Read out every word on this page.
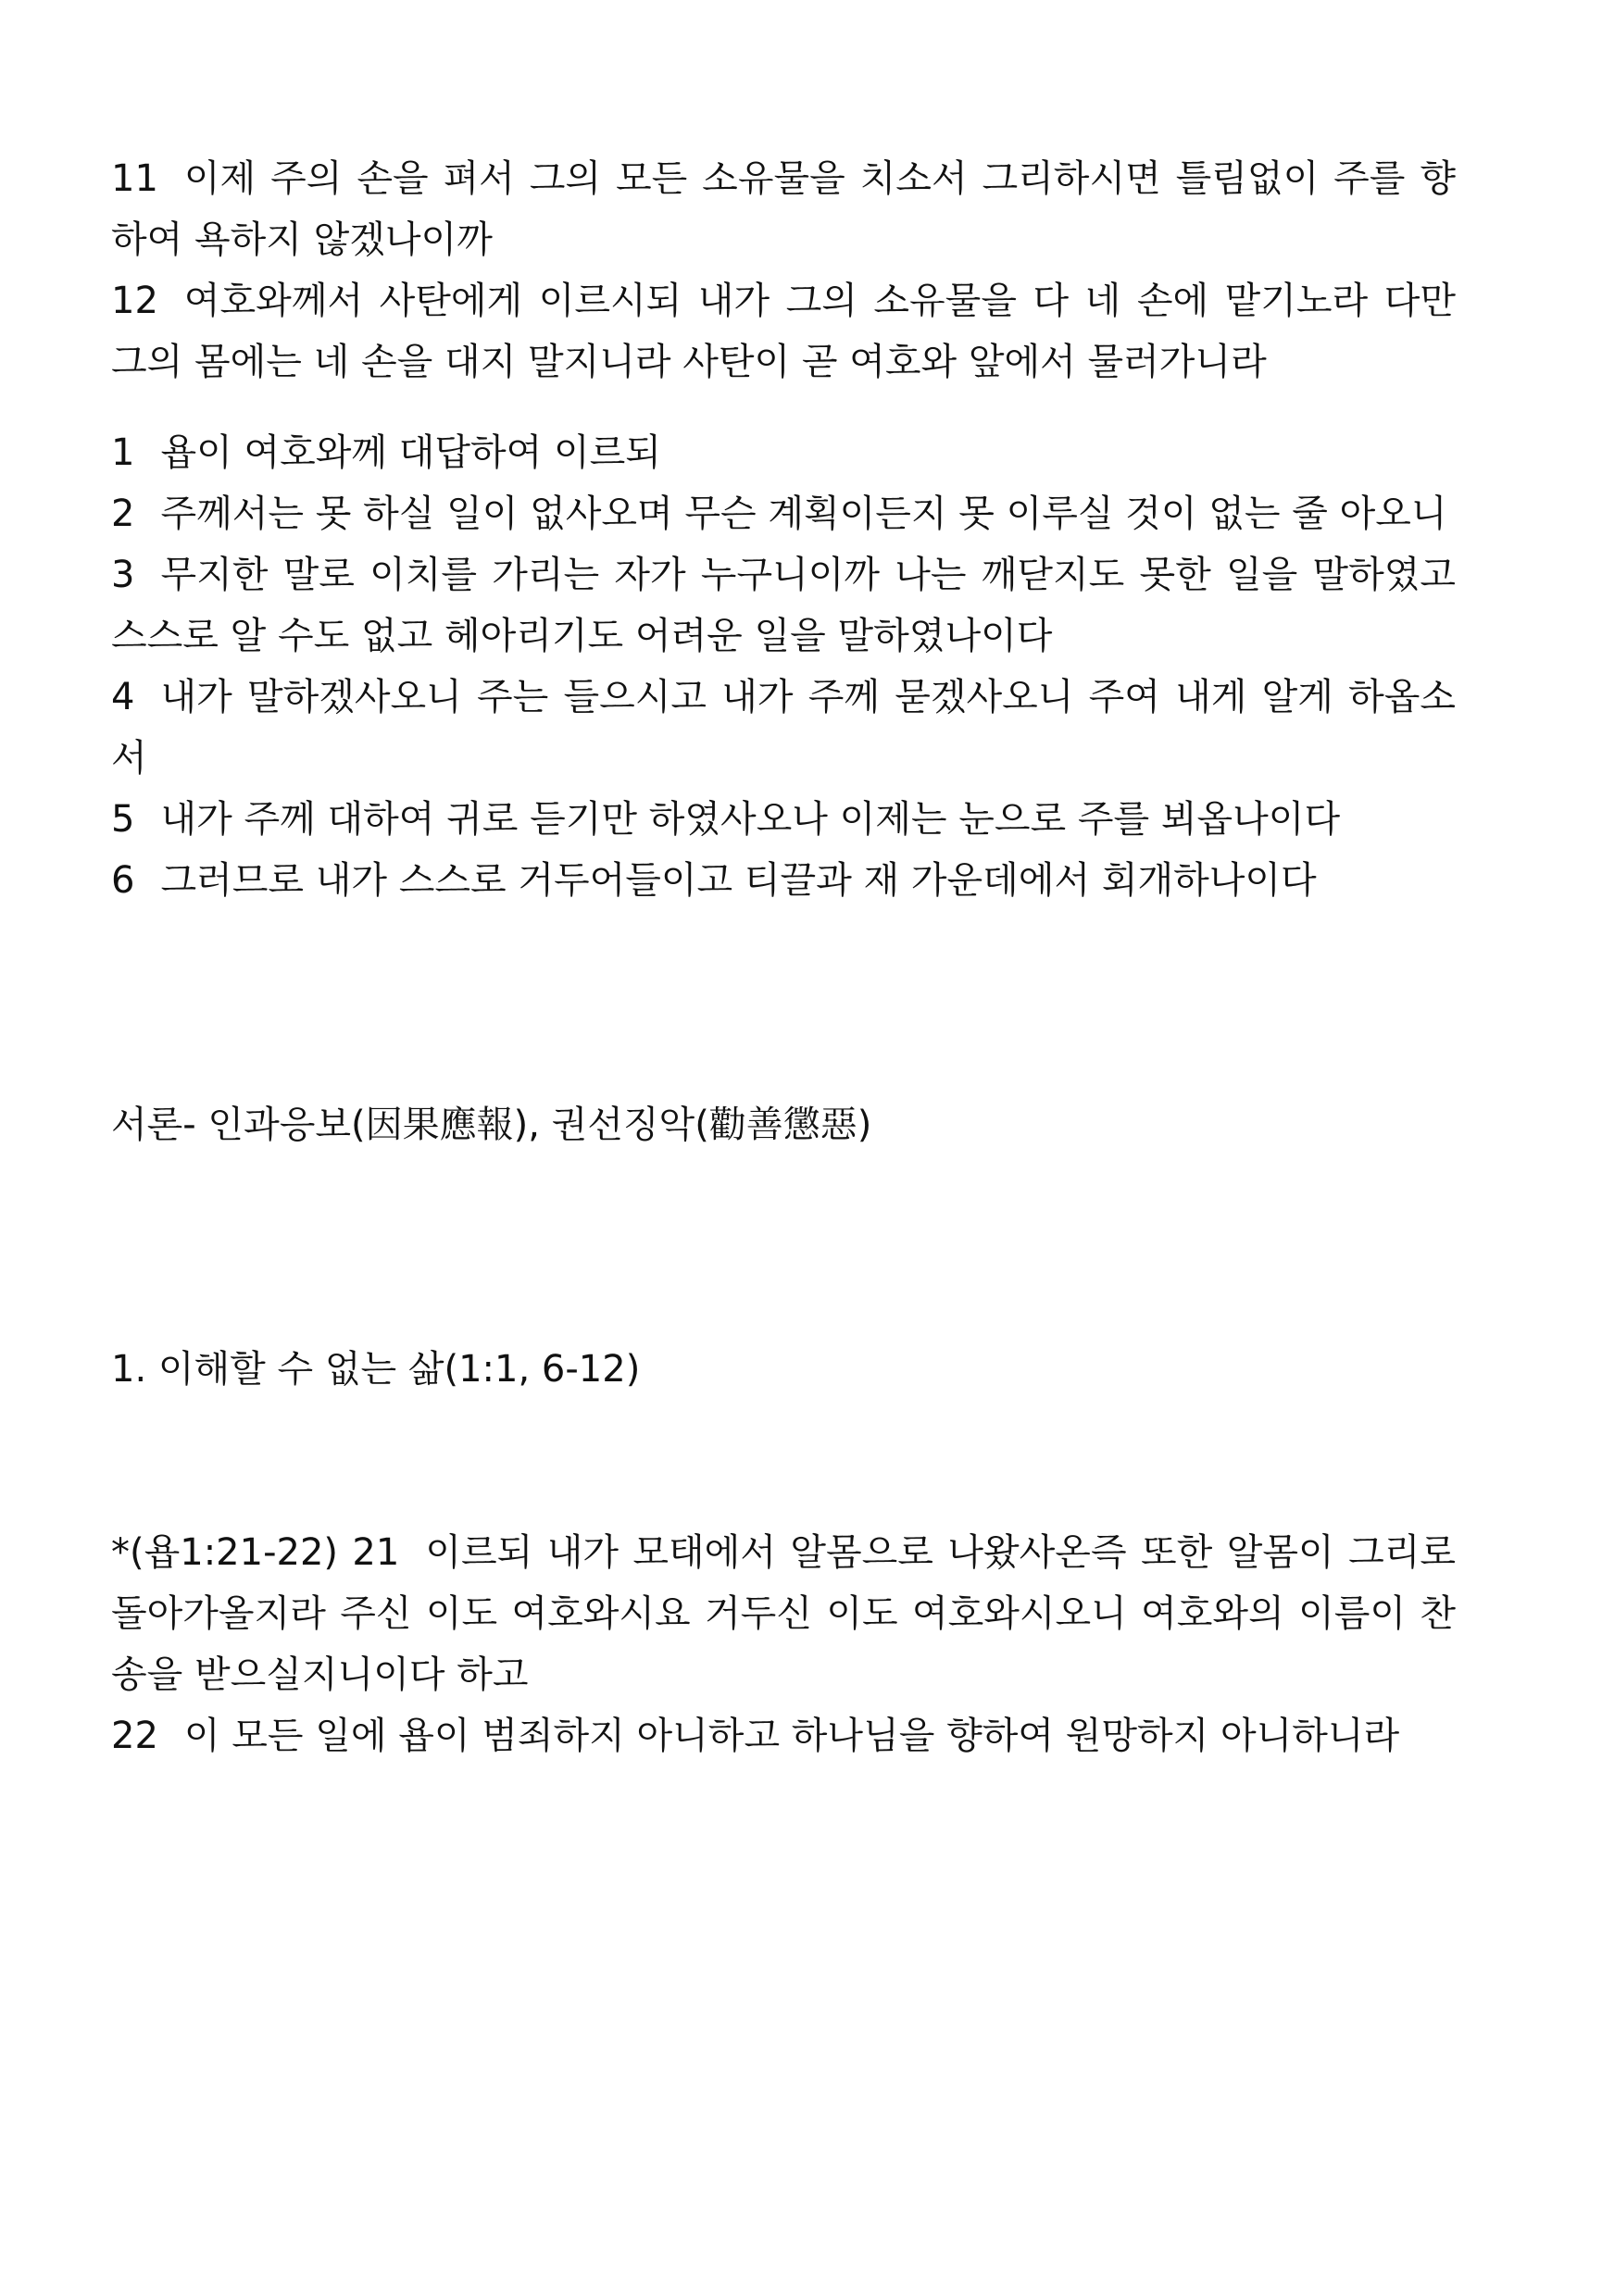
11 이제 주의 손을 펴서 그의 모든 소유물을 치소서 그리하시면 틀림없이 주를 향하여 욕하지 않겠나이까

12 여호와께서 사탄에게 이르시되 내가 그의 소유물을 다 네 손에 맡기노라 다만 그의 몸에는 네 손을 대지 말지니라 사탄이 곧 여호와 앞에서 물러가니라

1 욥이 여호와께 대답하여 이르되

2 주께서는 못 하실 일이 없사오며 무슨 계획이든지 못 이루실 것이 없는 줄 아오니

3 무지한 말로 이치를 가리는 자가 누구니이까 나는 깨닫지도 못한 일을 말하였고 스스로 알 수도 없고 헤아리기도 어려운 일을 말하였나이다

4 내가 말하겠사오니 주는 들으시고 내가 주께 묻겠사오니 주여 내게 알게 하옵소서

5 내가 주께 대하여 귀로 듣기만 하였사오나 이제는 눈으로 주를 뵈옵나이다

6 그러므로 내가 스스로 거두어들이고 티끌과 재 가운데에서 회개하나이다

서론- 인과응보(因果應報), 권선징악(勸善懲惡)

1. 이해할 수 없는 삶(1:1, 6-12)

*(욥1:21-22) 21 이르되 내가 모태에서 알몸으로 나왔사온즉 또한 알몸이 그리로 돌아가올지라 주신 이도 여호와시요 거두신 이도 여호와시오니 여호와의 이름이 찬송을 받으실지니이다 하고

22 이 모든 일에 욥이 범죄하지 아니하고 하나님을 향하여 원망하지 아니하니라
